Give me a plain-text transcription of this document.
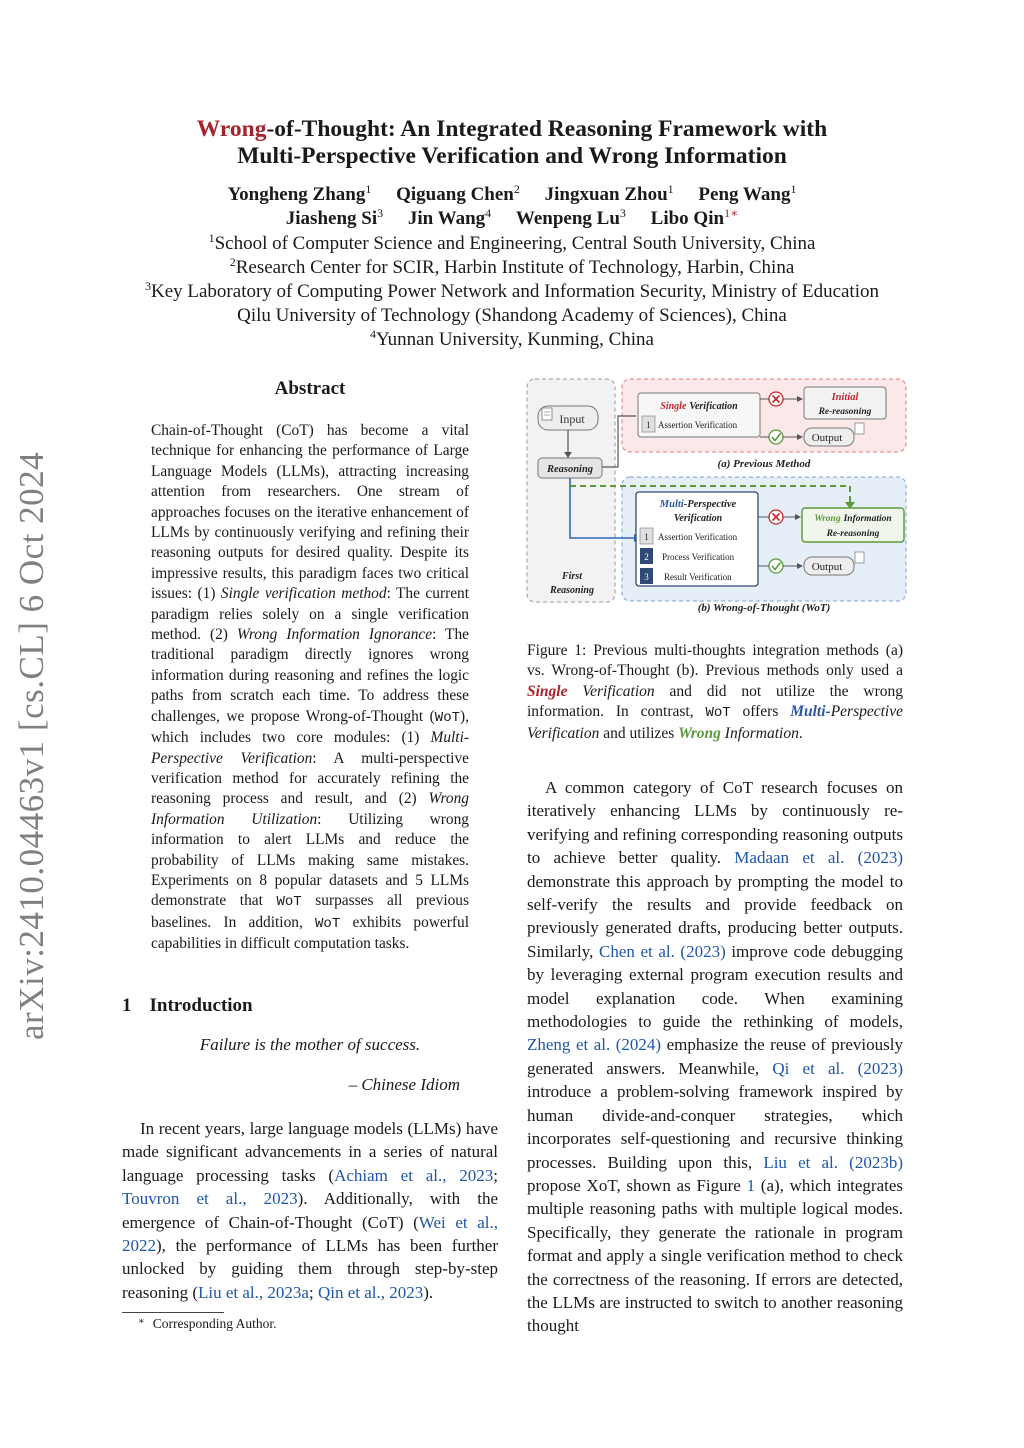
arXiv:2410.04463v1 [cs.CL] 6 Oct 2024
Wrong-of-Thought: An Integrated Reasoning Framework with
Multi-Perspective Verification and Wrong Information
Yongheng Zhang$^1$ Qiguang Chen$^2$ Jingxuan Zhou$^1$ Peng Wang$^1$
Jiasheng Si$^3$ Jin Wang$^4$ Wenpeng Lu$^3$ Libo Qin$^{1∗}$
$^1$School of Computer Science and Engineering, Central South University, China
$^2$Research Center for SCIR, Harbin Institute of Technology, Harbin, China
$^3$Key Laboratory of Computing Power Network and Information Security, Ministry of Education
Qilu University of Technology (Shandong Academy of Sciences), China
$^4$Yunnan University, Kunming, China
Abstract
Chain-of-Thought (CoT) has become a vital technique for enhancing the performance of Large Language Models (LLMs), attracting increasing attention from researchers. One stream of approaches focuses on the iterative enhancement of LLMs by continuously verifying and refining their reasoning outputs for desired quality. Despite its impressive results, this paradigm faces two critical issues: (1) Single verification method: The current paradigm relies solely on a single verification method. (2) Wrong Information Ignorance: The traditional paradigm directly ignores wrong information during reasoning and refines the logic paths from scratch each time. To address these challenges, we propose Wrong-of-Thought (WoT), which includes two core modules: (1) Multi-Perspective Verification: A multi-perspective verification method for accurately refining the reasoning process and result, and (2) Wrong Information Utilization: Utilizing wrong information to alert LLMs and reduce the probability of LLMs making same mistakes. Experiments on 8 popular datasets and 5 LLMs demonstrate that WoT surpasses all previous baselines. In addition, WoT exhibits powerful capabilities in difficult computation tasks.
1 Introduction
Failure is the mother of success.
– Chinese Idiom
In recent years, large language models (LLMs) have made significant advancements in a series of natural language processing tasks (Achiam et al., 2023; Touvron et al., 2023). Additionally, with the emergence of Chain-of-Thought (CoT) (Wei et al., 2022), the performance of LLMs has been further unlocked by guiding them through step-by-step reasoning (Liu et al., 2023a; Qin et al., 2023).
∗ Corresponding Author.
Input
Reasoning
First
Reasoning
Single Verification
1 Assertion Verification
Initial
Re-reasoning
Output
(a) Previous Method
Multi-Perspective
Verification
1 Assertion Verification
2 Process Verification
3 Result Verification
Wrong Information
Re-reasoning
Output
(b) Wrong-of-Thought (WoT)
Figure 1: Previous multi-thoughts integration methods (a) vs. Wrong-of-Thought (b). Previous methods only used a Single Verification and did not utilize the wrong information. In contrast, WoT offers Multi-Perspective Verification and utilizes Wrong Information.
A common category of CoT research focuses on iteratively enhancing LLMs by continuously re-verifying and refining corresponding reasoning outputs to achieve better quality. Madaan et al. (2023) demonstrate this approach by prompting the model to self-verify the results and provide feedback on previously generated drafts, producing better outputs. Similarly, Chen et al. (2023) improve code debugging by leveraging external program execution results and model explanation code. When examining methodologies to guide the rethinking of models, Zheng et al. (2024) emphasize the reuse of previously generated answers. Meanwhile, Qi et al. (2023) introduce a problem-solving framework inspired by human divide-and-conquer strategies, which incorporates self-questioning and recursive thinking processes. Building upon this, Liu et al. (2023b) propose XoT, shown as Figure 1 (a), which integrates multiple reasoning paths with multiple logical modes. Specifically, they generate the rationale in program format and apply a single verification method to check the correctness of the reasoning. If errors are detected, the LLMs are instructed to switch to another reasoning thought
